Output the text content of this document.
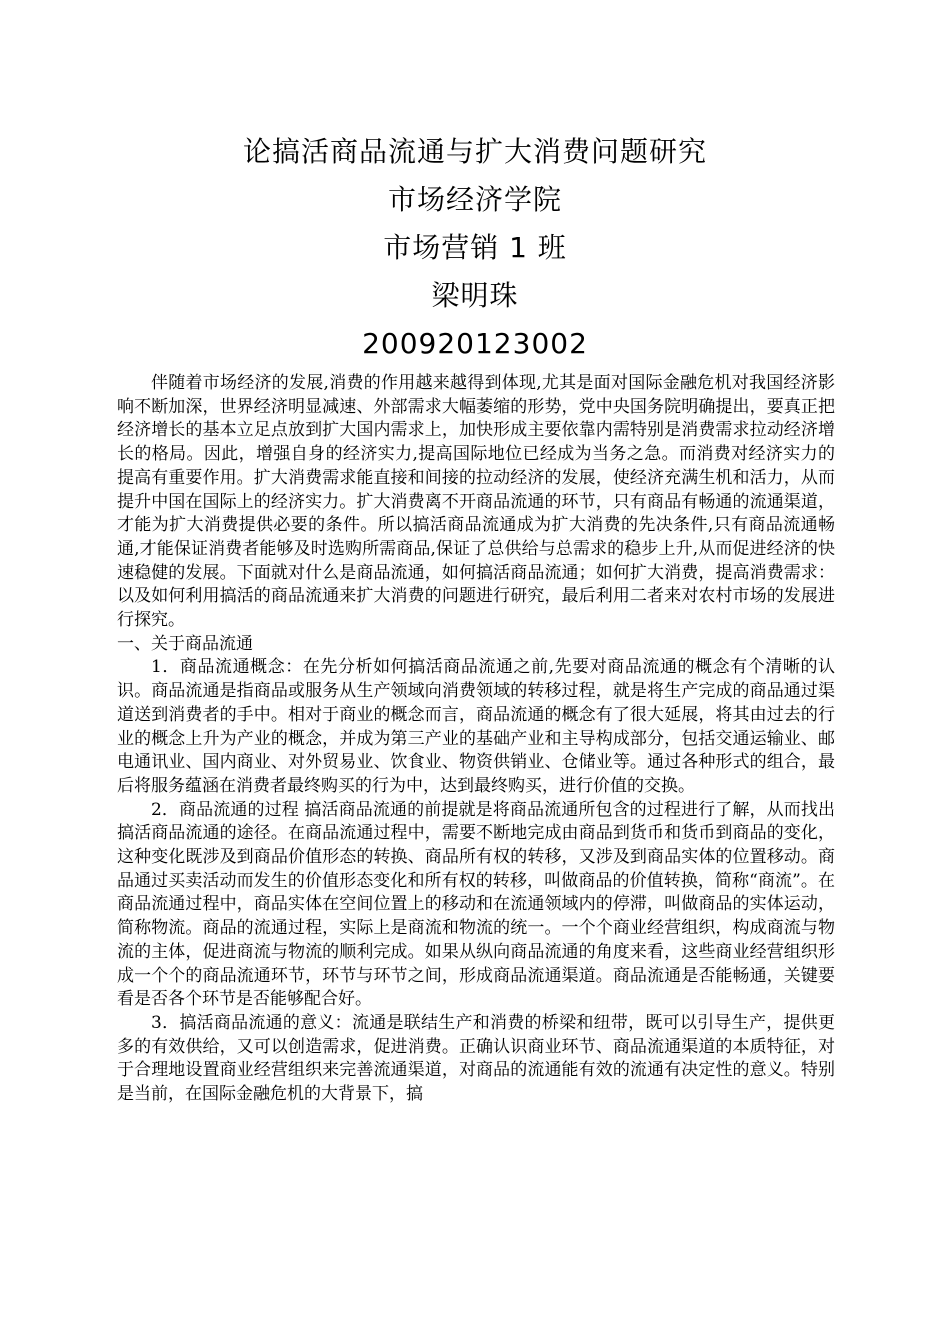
论搞活商品流通与扩大消费问题研究
市场经济学院
市场营销 1 班
梁明珠
200920123002

伴随着市场经济的发展,消费的作用越来越得到体现,尤其是面对国际金融危机对我国经济影响不断加深，世界经济明显减速、外部需求大幅萎缩的形势，党中央国务院明确提出，要真正把经济增长的基本立足点放到扩大国内需求上，加快形成主要依靠内需特别是消费需求拉动经济增长的格局。因此，增强自身的经济实力,提高国际地位已经成为当务之急。而消费对经济实力的提高有重要作用。扩大消费需求能直接和间接的拉动经济的发展，使经济充满生机和活力，从而提升中国在国际上的经济实力。扩大消费离不开商品流通的环节，只有商品有畅通的流通渠道，才能为扩大消费提供必要的条件。所以搞活商品流通成为扩大消费的先决条件,只有商品流通畅通,才能保证消费者能够及时选购所需商品,保证了总供给与总需求的稳步上升,从而促进经济的快速稳健的发展。下面就对什么是商品流通，如何搞活商品流通；如何扩大消费，提高消费需求：以及如何利用搞活的商品流通来扩大消费的问题进行研究，最后利用二者来对农村市场的发展进行探究。

一、关于商品流通

1．商品流通概念：在先分析如何搞活商品流通之前,先要对商品流通的概念有个清晰的认识。商品流通是指商品或服务从生产领域向消费领域的转移过程，就是将生产完成的商品通过渠道送到消费者的手中。相对于商业的概念而言，商品流通的概念有了很大延展，将其由过去的行业的概念上升为产业的概念，并成为第三产业的基础产业和主导构成部分，包括交通运输业、邮电通讯业、国内商业、对外贸易业、饮食业、物资供销业、仓储业等。通过各种形式的组合，最后将服务蕴涵在消费者最终购买的行为中，达到最终购买，进行价值的交换。

2．商品流通的过程 搞活商品流通的前提就是将商品流通所包含的过程进行了解，从而找出搞活商品流通的途径。在商品流通过程中，需要不断地完成由商品到货币和货币到商品的变化，这种变化既涉及到商品价值形态的转换、商品所有权的转移，又涉及到商品实体的位置移动。商品通过买卖活动而发生的价值形态变化和所有权的转移，叫做商品的价值转换，简称“商流”。在商品流通过程中，商品实体在空间位置上的移动和在流通领域内的停滞，叫做商品的实体运动，简称物流。商品的流通过程，实际上是商流和物流的统一。一个个商业经营组织，构成商流与物流的主体，促进商流与物流的顺利完成。如果从纵向商品流通的角度来看，这些商业经营组织形成一个个的商品流通环节，环节与环节之间，形成商品流通渠道。商品流通是否能畅通，关键要看是否各个环节是否能够配合好。

3．搞活商品流通的意义：流通是联结生产和消费的桥梁和纽带，既可以引导生产，提供更多的有效供给，又可以创造需求，促进消费。正确认识商业环节、商品流通渠道的本质特征，对于合理地设置商业经营组织来完善流通渠道，对商品的流通能有效的流通有决定性的意义。特别是当前，在国际金融危机的大背景下，搞
